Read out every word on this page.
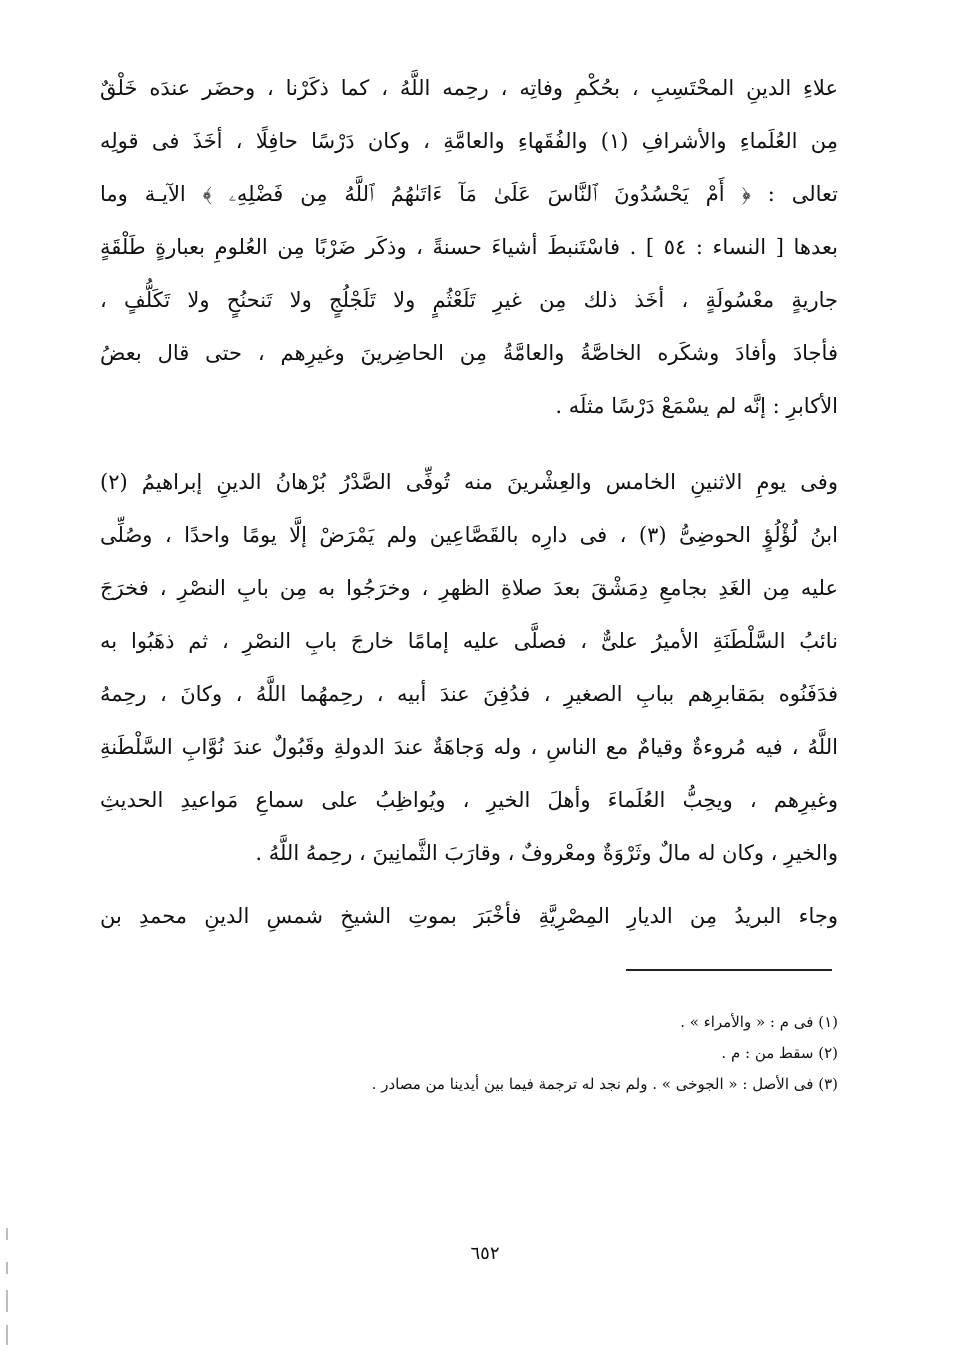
علاءِ الدينِ المحْتَسِبِ ، بحُكْمِ وفاتِه ، رحِمه اللَّهُ ، كما ذكَرْنا ، وحضَر عندَه خَلْقٌ
مِن العُلَماءِ والأشرافِ (١) والفُقَهاءِ والعامَّةِ ، وكان دَرْسًا حافِلًا ، أخَذَ فى قولِه
تعالى : ﴿ أَمْ يَحْسُدُونَ ٱلنَّاسَ عَلَىٰ مَآ ءَاتَىٰهُمُ ٱللَّهُ مِن فَضْلِهِۦ ﴾ الآيـة وما
بعدها [ النساء : ٥٤ ] . فاسْتَنبطَ أشياءَ حسنةً ، وذكَر ضَرْبًا مِن العُلومِ بعبارةٍ طَلْقَةٍ
جاريةٍ معْسُولَةٍ ، أخَذ ذلك مِن غيرِ تَلَعْثُمٍ ولا تَلَجْلُجٍ ولا تَنحنُحٍ ولا تَكَلُّفٍ ،
فأجادَ وأفادَ وشكَره الخاصَّةُ والعامَّةُ مِن الحاضِرينَ وغيرِهم ، حتى قال بعضُ
الأكابرِ : إنَّه لم يسْمَعْ دَرْسًا مثلَه .
وفى يومِ الاثنينِ الخامس والعِشْرينَ منه تُوفِّى الصَّدْرُ بُرْهانُ الدينِ إبراهيمُ (٢)
ابنُ لُؤْلُؤٍ الحوضِىُّ (٣) ، فى دارِه بالقَصَّاعِين ولم يَمْرَضْ إلَّا يومًا واحدًا ، وصُلِّى
عليه مِن الغَدِ بجامعِ دِمَشْقَ بعدَ صلاةِ الظهرِ ، وخرَجُوا به مِن بابِ النصْرِ ، فخرَجَ
نائبُ السَّلْطَنَةِ الأميرُ علىٌّ ، فصلَّى عليه إمامًا خارجَ بابِ النصْرِ ، ثم ذهَبُوا به
فدَفَنُوه بمَقابرِهم ببابِ الصغيرِ ، فدُفِنَ عندَ أبيه ، رحِمهُما اللَّهُ ، وكانَ ، رحِمهُ
اللَّهُ ، فيه مُروءةٌ وقيامٌ مع الناسِ ، وله وَجاهَةٌ عندَ الدولةِ وقَبُولٌ عندَ نُوَّابِ السَّلْطَنةِ
وغيرِهم ، ويحِبُّ العُلَماءَ وأهلَ الخيرِ ، ويُواظِبُ على سماعِ مَواعيدِ الحديثِ
والخيرِ ، وكان له مالٌ وثَرْوَةٌ ومعْروفٌ ، وقارَبَ الثَّمانِينَ ، رحِمهُ اللَّهُ .
وجاء البريدُ مِن الديارِ المِصْرِيَّةِ فأخْبَرَ بموتِ الشيخِ شمسِ الدينِ محمدِ بن
(١) فى م : « والأمراء » .
(٢) سقط من : م .
(٣) فى الأصل : « الجوخى » . ولم نجد له ترجمة فيما بين أيدينا من مصادر .
٦٥٢
